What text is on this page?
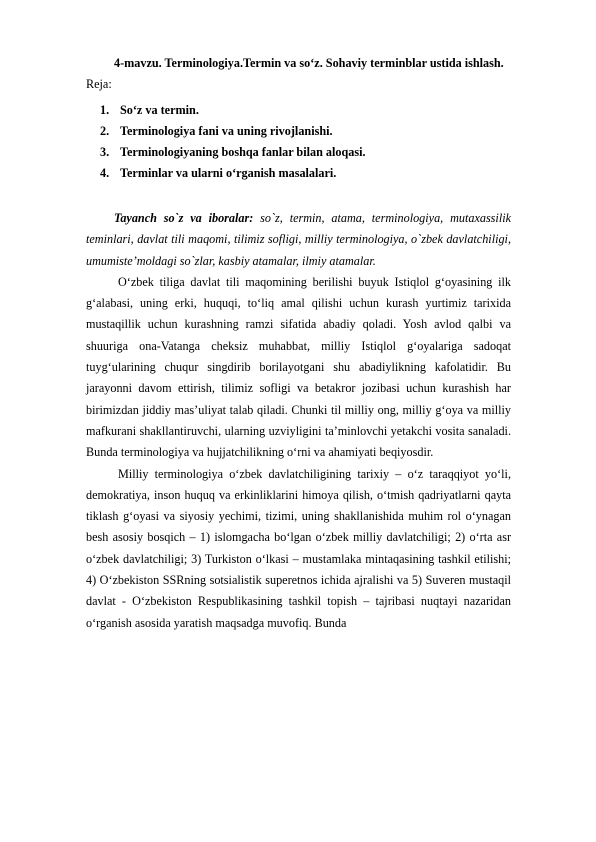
4-mavzu. Terminologiya.Termin va so‘z. Sohaviy terminblar ustida ishlash.

Reja:

1. So‘z va termin.
2. Terminologiya fani va uning rivojlanishi.
3. Terminologiyaning boshqa fanlar bilan aloqasi.
4. Terminlar va ularni o‘rganish masalalari.

Tayanch so`z va iboralar: so`z, termin, atama, terminologiya, mutaxassilik teminlari, davlat tili maqomi, tilimiz sofligi, milliy terminologiya, o`zbek davlatchiligi, umumiste’moldagi so`zlar, kasbiy atamalar, ilmiy atamalar.

O‘zbek tiliga davlat tili maqomining berilishi buyuk Istiqlol g‘oyasining ilk g‘alabasi, uning erki, huquqi, to‘liq amal qilishi uchun kurash yurtimiz tarixida mustaqillik uchun kurashning ramzi sifatida abadiy qoladi. Yosh avlod qalbi va shuuriga ona-Vatanga cheksiz muhabbat, milliy Istiqlol g‘oyalariga sadoqat tuyg‘ularining chuqur singdirib borilayotgani shu abadiylikning kafolatidir. Bu jarayonni davom ettirish, tilimiz sofligi va betakror jozibasi uchun kurashish har birimizdan jiddiy mas’uliyat talab qiladi. Chunki til milliy ong, milliy g‘oya va milliy mafkurani shakllantiruvchi, ularning uzviyligini ta’minlovchi yetakchi vosita sanaladi. Bunda terminologiya va hujjatchilikning o‘rni va ahamiyati beqiyosdir.

Milliy terminologiya o‘zbek davlatchiligining tarixiy – o‘z taraqqiyot yo‘li, demokratiya, inson huquq va erkinliklarini himoya qilish, o‘tmish qadriyatlarni qayta tiklash g‘oyasi va siyosiy yechimi, tizimi, uning shakllanishida muhim rol o‘ynagan besh asosiy bosqich – 1) islomgacha bo‘lgan o‘zbek milliy davlatchiligi; 2) o‘rta asr o‘zbek davlatchiligi; 3) Turkiston o‘lkasi – mustamlaka mintaqasining tashkil etilishi; 4) O‘zbekiston SSRning sotsialistik superetnos ichida ajralishi va 5) Suveren mustaqil davlat - O‘zbekiston Respublikasining tashkil topish – tajribasi nuqtayi nazaridan o‘rganish asosida yaratish maqsadga muvofiq. Bunda
